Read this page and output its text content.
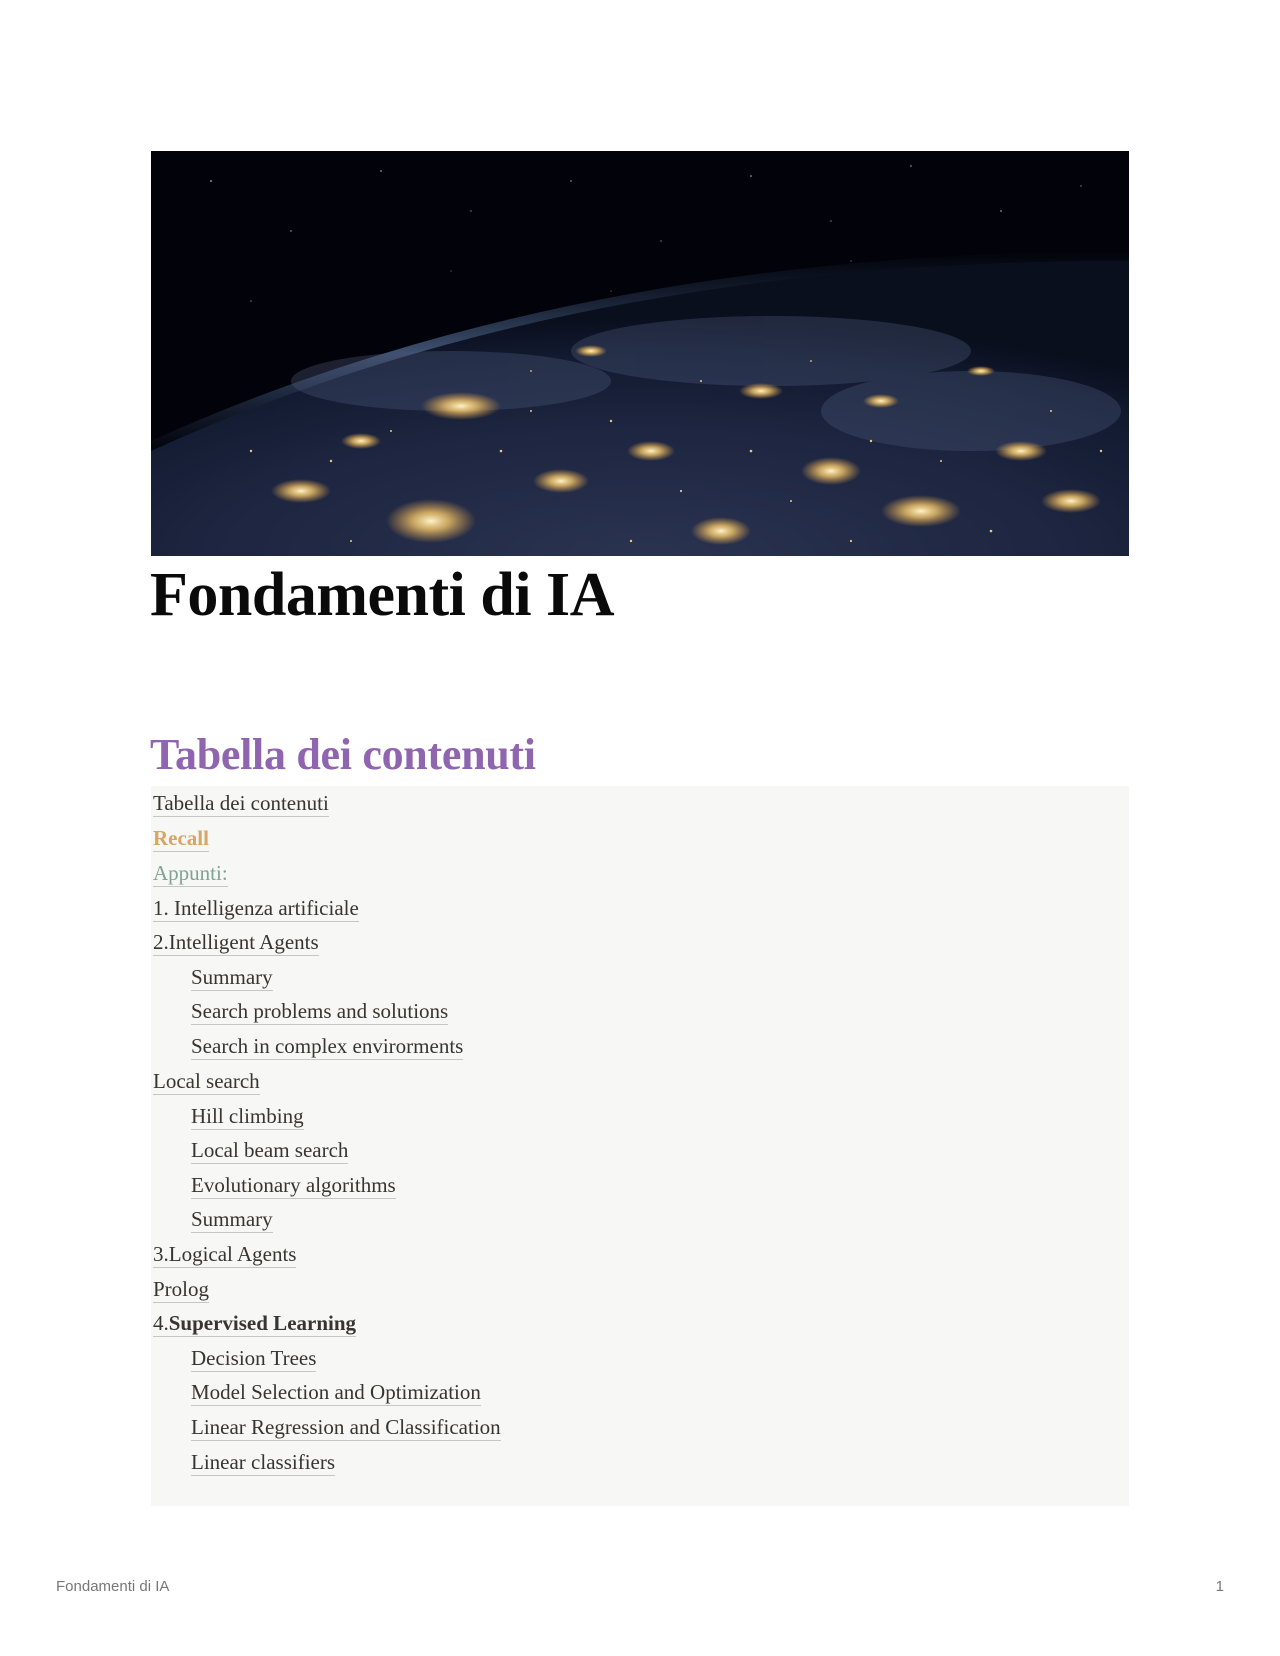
Fondamenti di IA
Tabella dei contenuti
Tabella dei contenuti
Recall
Appunti:
1. Intelligenza artificiale
2.Intelligent Agents
Summary
Search problems and solutions
Search in complex envirorments
Local search
Hill climbing
Local beam search
Evolutionary algorithms
Summary
3.Logical Agents
Prolog
4.Supervised Learning
Decision Trees
Model Selection and Optimization
Linear Regression and Classification
Linear classifiers
Fondamenti di IA	1
